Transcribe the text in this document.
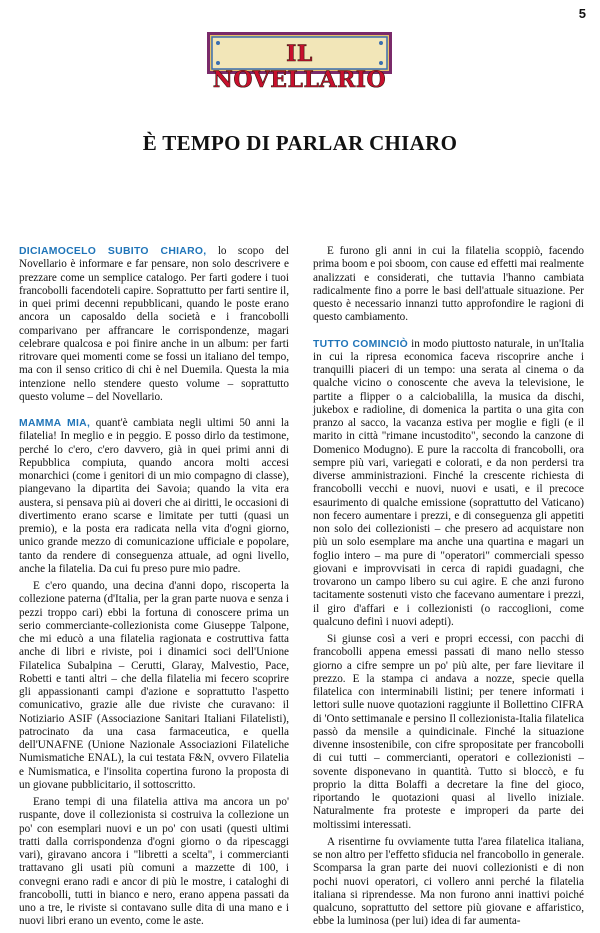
5
IL NOVELLARIO
È TEMPO DI PARLAR CHIARO

DICIAMOCELO SUBITO CHIARO, lo scopo del Novellario è informare e far pensare, non solo descrivere e prezzare come un semplice catalogo. Per farti godere i tuoi francobolli facendoteli capire. Soprattutto per farti sentire il, in quei primi decenni repubblicani, quando le poste erano ancora un caposaldo della società e i francobolli comparivano per affrancare le corrispondenze, magari celebrare qualcosa e poi finire anche in un album: per farti ritrovare quei momenti come se fossi un italiano del tempo, ma con il senso critico di chi è nel Duemila. Questa la mia intenzione nello stendere questo volume – soprattutto questo volume – del Novellario.

MAMMA MIA, quant'è cambiata negli ultimi 50 anni la filatelia! In meglio e in peggio. E posso dirlo da testimone, perché lo c'ero, c'ero davvero, già in quei primi anni di Repubblica compiuta, quando ancora molti accesi monarchici (come i genitori di un mio compagno di classe), piangevano la dipartita dei Savoia; quando la vita era austera, si pensava più ai doveri che ai diritti, le occasioni di divertimento erano scarse e limitate per tutti (quasi un premio), e la posta era radicata nella vita d'ogni giorno, unico grande mezzo di comunicazione ufficiale e popolare, tanto da rendere di conseguenza attuale, ad ogni livello, anche la filatelia. Da cui fu preso pure mio padre.

E c'ero quando, una decina d'anni dopo, riscoperta la collezione paterna (d'Italia, per la gran parte nuova e senza i pezzi troppo cari) ebbi la fortuna di conoscere prima un serio commerciante-collezionista come Giuseppe Talpone, che mi educò a una filatelia ragionata e costruttiva fatta anche di libri e riviste, poi i dinamici soci dell'Unione Filatelica Subalpina – Cerutti, Glaray, Malvestio, Pace, Robetti e tanti altri – che della filatelia mi fecero scoprire gli appassionanti campi d'azione e soprattutto l'aspetto comunicativo, grazie alle due riviste che curavano: il Notiziario ASIF (Associazione Sanitari Italiani Filatelisti), patrocinato da una casa farmaceutica, e quella dell'UNAFNE (Unione Nazionale Associazioni Filateliche Numismatiche ENAL), la cui testata F&N, ovvero Filatelia e Numismatica, e l'insolita copertina furono la proposta di un giovane pubblicitario, il sottoscritto.

Erano tempi di una filatelia attiva ma ancora un po' ruspante, dove il collezionista si costruiva la collezione un po' con esemplari nuovi e un po' con usati (questi ultimi tratti dalla corrispondenza d'ogni giorno o da ripescaggi vari), giravano ancora i "libretti a scelta", i commercianti trattavano gli usati più comuni a mazzette di 100, i convegni erano radi e ancor di più le mostre, i cataloghi di francobolli, tutti in bianco e nero, erano appena passati da uno a tre, le riviste si contavano sulle dita di una mano e i nuovi libri erano un evento, come le aste.

E furono gli anni in cui la filatelia scoppiò, facendo prima boom e poi sboom, con cause ed effetti mai realmente analizzati e considerati, che tuttavia l'hanno cambiata radicalmente fino a porre le basi dell'attuale situazione. Per questo è necessario innanzi tutto approfondire le ragioni di questo cambiamento.

TUTTO COMINCIÒ in modo piuttosto naturale, in un'Italia in cui la ripresa economica faceva riscoprire anche i tranquilli piaceri di un tempo: una serata al cinema o da qualche vicino o conoscente che aveva la televisione, le partite a flipper o a calciobalilla, la musica da dischi, jukebox e radioline, di domenica la partita o una gita con pranzo al sacco, la vacanza estiva per moglie e figli (e il marito in città "rimane incustodito", secondo la canzone di Domenico Modugno). E pure la raccolta di francobolli, ora sempre più vari, variegati e colorati, e da non perdersi tra diverse amministrazioni. Finché la crescente richiesta di francobolli vecchi e nuovi, nuovi e usati, e il precoce esaurimento di qualche emissione (soprattutto del Vaticano) non fecero aumentare i prezzi, e di conseguenza gli appetiti non solo dei collezionisti – che presero ad acquistare non più un solo esemplare ma anche una quartina e magari un foglio intero – ma pure di "operatori" commerciali spesso giovani e improvvisati in cerca di rapidi guadagni, che trovarono un campo libero su cui agire. E che anzi furono tacitamente sostenuti visto che facevano aumentare i prezzi, il giro d'affari e i collezionisti (o raccoglioni, come qualcuno definì i nuovi adepti).

Si giunse così a veri e propri eccessi, con pacchi di francobolli appena emessi passati di mano nello stesso giorno a cifre sempre un po' più alte, per fare lievitare il prezzo. E la stampa ci andava a nozze, specie quella filatelica con interminabili listini; per tenere informati i lettori sulle nuove quotazioni raggiunte il Bollettino CIFRA di 'Onto settimanale e persino Il collezionista-Italia filatelica passò da mensile a quindicinale. Finché la situazione divenne insostenibile, con cifre spropositate per francobolli di cui tutti – commercianti, operatori e collezionisti – sovente disponevano in quantità. Tutto si bloccò, e fu proprio la ditta Bolaffi a decretare la fine del gioco, riportando le quotazioni quasi al livello iniziale. Naturalmente fra proteste e improperi da parte dei moltissimi interessati.

A risentirne fu ovviamente tutta l'area filatelica italiana, se non altro per l'effetto sfiducia nel francobollo in generale. Scomparsa la gran parte dei nuovi collezionisti e di non pochi nuovi operatori, ci vollero anni perché la filatelia italiana si riprendesse. Ma non furono anni inattivi poiché qualcuno, soprattutto del settore più giovane e affaristico, ebbe la luminosa (per lui) idea di far aumenta-
